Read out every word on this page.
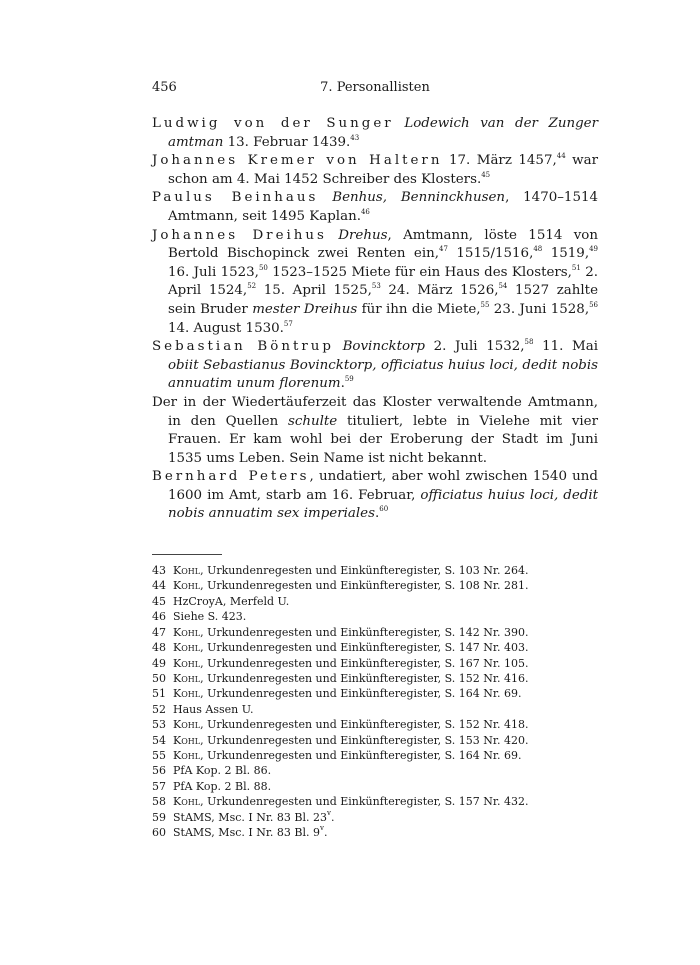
456	7. Personallisten
Ludwig von der Sunger Lodewich van der Zunger amtman 13. Februar 1439.43
Johannes Kremer von Haltern 17. März 1457,44 war schon am 4. Mai 1452 Schreiber des Klosters.$^{45}$
Paulus Beinhaus Benhus, Benninckhusen, 1470–1514 Amtmann, seit 1495 Kaplan.$^{46}$
Johannes Dreihus Drehus, Amtmann, löste 1514 von Bertold Bischopinck zwei Renten ein,$^{47}$ 1515/1516,48 1519,49 16. Juli 1523,50 1523–1525 Miete für ein Haus des Klosters,$^{51}$ 2. April 1524,52 15. April 1525,53 24. März 1526,54 1527 zahlte sein Bruder mester Dreihus für ihn die Miete,$^{55}$ 23. Juni 1528,56 14. August 1530.57
Sebastian Böntrup Bovincktorp 2. Juli 1532,58 11. Mai obiit Sebastianus Bovincktorp, officiatus huius loci, dedit nobis annuatim unum florenum.$^{59}$
Der in der Wiedertäuferzeit das Kloster verwaltende Amtmann, in den Quellen schulte tituliert, lebte in Vielehe mit vier Frauen. Er kam wohl bei der Eroberung der Stadt im Juni 1535 ums Leben. Sein Name ist nicht bekannt.
Bernhard Peters, undatiert, aber wohl zwischen 1540 und 1600 im Amt, starb am 16. Februar, officiatus huius loci, dedit nobis annuatim sex imperiales.$^{60}$
43 Kohl, Urkundenregesten und Einkünfteregister, S. 103 Nr. 264.
44 Kohl, Urkundenregesten und Einkünfteregister, S. 108 Nr. 281.
45 HzCroyA, Merfeld U.
46 Siehe S. 423.
47 Kohl, Urkundenregesten und Einkünfteregister, S. 142 Nr. 390.
48 Kohl, Urkundenregesten und Einkünfteregister, S. 147 Nr. 403.
49 Kohl, Urkundenregesten und Einkünfteregister, S. 167 Nr. 105.
50 Kohl, Urkundenregesten und Einkünfteregister, S. 152 Nr. 416.
51 Kohl, Urkundenregesten und Einkünfteregister, S. 164 Nr. 69.
52 Haus Assen U.
53 Kohl, Urkundenregesten und Einkünfteregister, S. 152 Nr. 418.
54 Kohl, Urkundenregesten und Einkünfteregister, S. 153 Nr. 420.
55 Kohl, Urkundenregesten und Einkünfteregister, S. 164 Nr. 69.
56 PfA Kop. 2 Bl. 86.
57 PfA Kop. 2 Bl. 88.
58 Kohl, Urkundenregesten und Einkünfteregister, S. 157 Nr. 432.
59 StAMS, Msc. I Nr. 83 Bl. 23$^v$.
60 StAMS, Msc. I Nr. 83 Bl. 9$^v$.
